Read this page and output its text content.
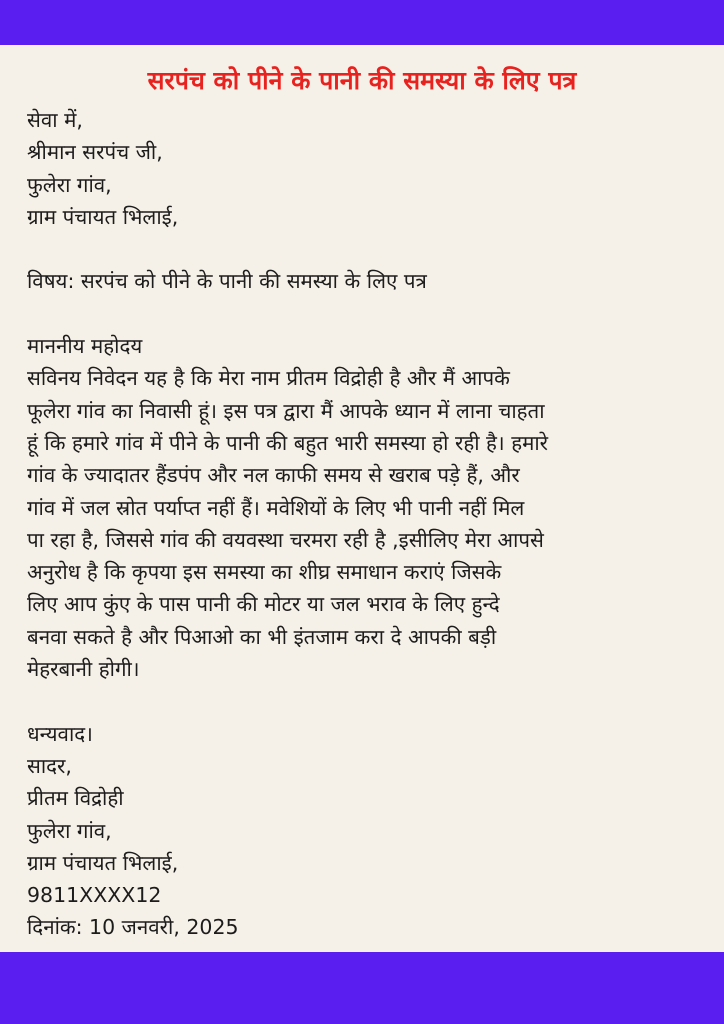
सरपंच को पीने के पानी की समस्या के लिए पत्र
सेवा में,
श्रीमान सरपंच जी,
फुलेरा गांव,
ग्राम पंचायत भिलाई,
विषय: सरपंच को पीने के पानी की समस्या के लिए पत्र
माननीय महोदय
सविनय निवेदन यह है कि मेरा नाम प्रीतम विद्रोही है और मैं आपके
फूलेरा गांव का निवासी हूं। इस पत्र द्वारा मैं आपके ध्यान में लाना चाहता
हूं कि हमारे गांव में पीने के पानी की बहुत भारी समस्या हो रही है। हमारे
गांव के ज्यादातर हैंडपंप और नल काफी समय से खराब पड़े हैं, और
गांव में जल स्रोत पर्याप्त नहीं हैं। मवेशियों के लिए भी पानी नहीं मिल
पा रहा है, जिससे गांव की वयवस्था चरमरा रही है ,इसीलिए मेरा आपसे
अनुरोध है कि कृपया इस समस्या का शीघ्र समाधान कराएं जिसके
लिए आप कुंए के पास पानी की मोटर या जल भराव के लिए हुन्दे
बनवा सकते है और पिआओ का भी इंतजाम करा दे आपकी बड़ी
मेहरबानी होगी।
धन्यवाद।
सादर,
प्रीतम विद्रोही
फुलेरा गांव,
ग्राम पंचायत भिलाई,
9811XXXX12
दिनांक: 10 जनवरी, 2025
